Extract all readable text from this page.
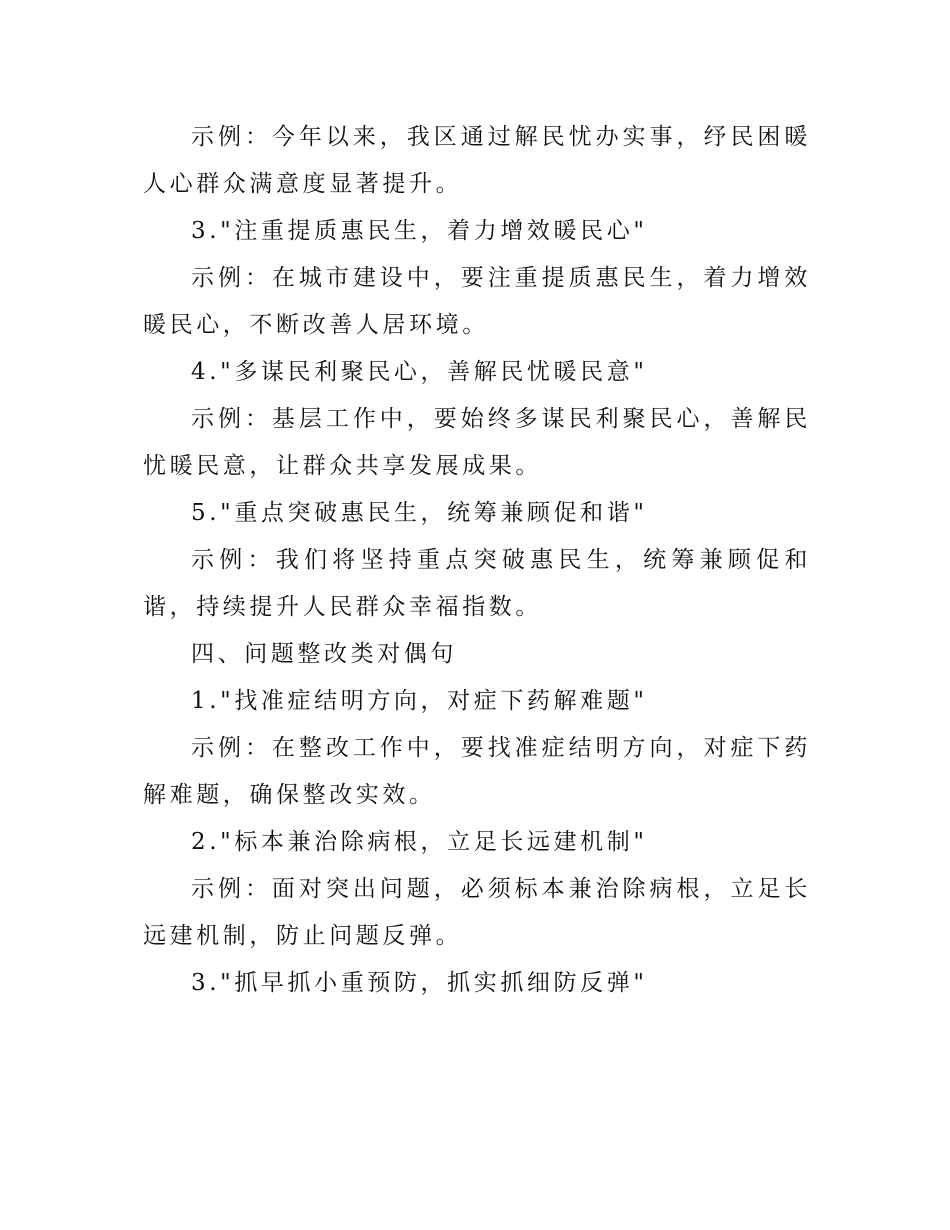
示例：今年以来，我区通过解民忧办实事，纾民困暖人心群众满意度显著提升。

3."注重提质惠民生，着力增效暖民心"

示例：在城市建设中，要注重提质惠民生，着力增效暖民心，不断改善人居环境。

4."多谋民利聚民心，善解民忧暖民意"

示例：基层工作中，要始终多谋民利聚民心，善解民忧暖民意，让群众共享发展成果。

5."重点突破惠民生，统筹兼顾促和谐"

示例：我们将坚持重点突破惠民生，统筹兼顾促和谐，持续提升人民群众幸福指数。

四、问题整改类对偶句

1."找准症结明方向，对症下药解难题"

示例：在整改工作中，要找准症结明方向，对症下药解难题，确保整改实效。

2."标本兼治除病根，立足长远建机制"

示例：面对突出问题，必须标本兼治除病根，立足长远建机制，防止问题反弹。

3."抓早抓小重预防，抓实抓细防反弹"
